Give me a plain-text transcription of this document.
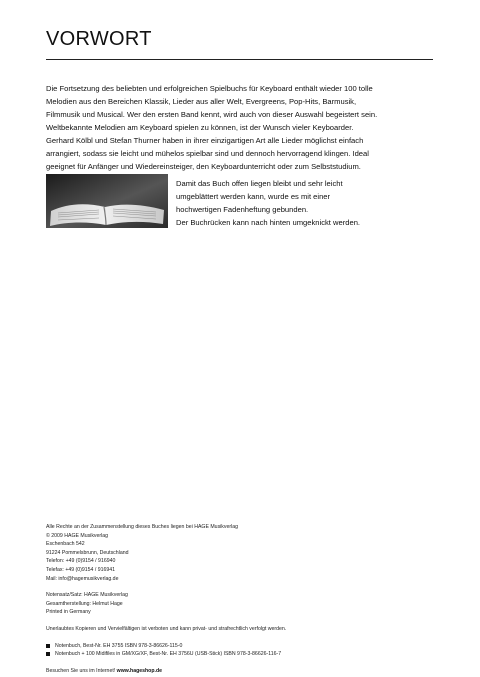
VORWORT

Die Fortsetzung des beliebten und erfolgreichen Spielbuchs für Keyboard enthält wieder 100 tolle
Melodien aus den Bereichen Klassik, Lieder aus aller Welt, Evergreens, Pop-Hits, Barmusik,
Filmmusik und Musical. Wer den ersten Band kennt, wird auch von dieser Auswahl begeistert sein.
Weltbekannte Melodien am Keyboard spielen zu können, ist der Wunsch vieler Keyboarder.
Gerhard Kölbl und Stefan Thurner haben in ihrer einzigartigen Art alle Lieder möglichst einfach
arrangiert, sodass sie leicht und mühelos spielbar sind und dennoch hervorragend klingen. Ideal
geeignet für Anfänger und Wiedereinsteiger, den Keyboardunterricht oder zum Selbststudium.

Damit das Buch offen liegen bleibt und sehr leicht
umgeblättert werden kann, wurde es mit einer
hochwertigen Fadenheftung gebunden.
Der Buchrücken kann nach hinten umgeknickt werden.

Alle Rechte an der Zusammenstellung dieses Buches liegen bei HAGE Musikverlag

© 2009 HAGE Musikverlag

Eschenbach 542

91224 Pommelsbrunn, Deutschland

Telefon: +49 (0)9154 / 916940

Telefax: +49 (0)9154 / 916941

Mail: info@hagemusikverlag.de

Notensatz/Satz: HAGE Musikverlag

Gesamtherstellung: Helmut Hage

Printed in Germany

Unerlaubtes Kopieren und Vervielfältigen ist verboten und kann privat- und strafrechtlich verfolgt werden.

Notenbuch, Best-Nr. EH 3755 ISBN 978-3-86626-115-0
Notenbuch + 100 Midifiles in GM/XG/XF, Best-Nr. EH 3756U (USB-Stick) ISBN 978-3-86626-116-7

Besuchen Sie uns im Internet! www.hageshop.de
